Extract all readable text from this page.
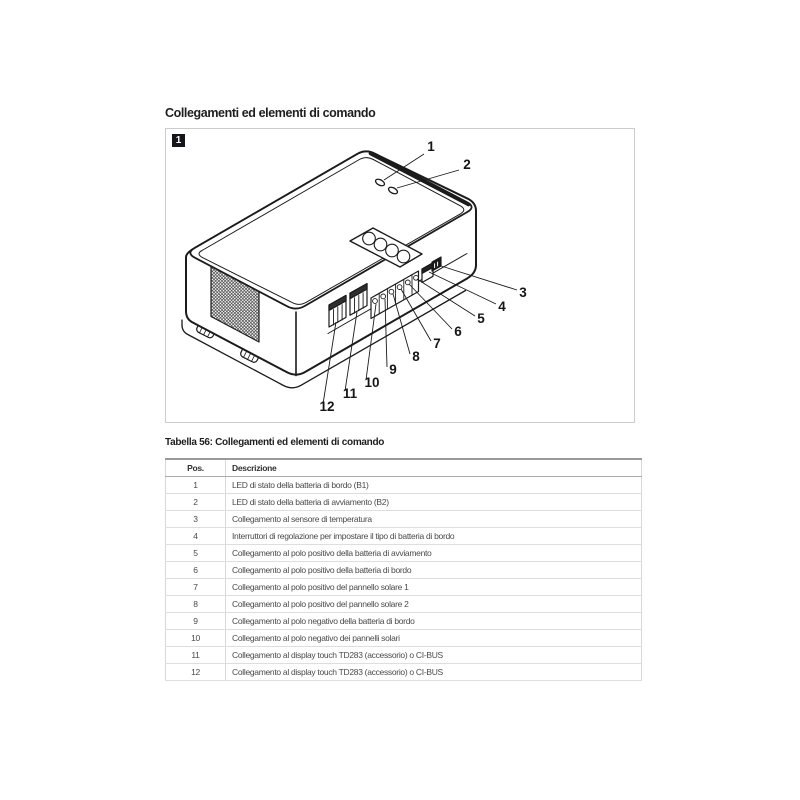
Collegamenti ed elementi di comando
1	1
2
3
4
5
6
7
8
9
10
11
12
Tabella 56: Collegamenti ed elementi di comando
Pos.	Descrizione
1	LED di stato della batteria di bordo (B1)
2	LED di stato della batteria di avviamento (B2)
3	Collegamento al sensore di temperatura
4	Interruttori di regolazione per impostare il tipo di batteria di bordo
5	Collegamento al polo positivo della batteria di avviamento
6	Collegamento al polo positivo della batteria di bordo
7	Collegamento al polo positivo del pannello solare 1
8	Collegamento al polo positivo del pannello solare 2
9	Collegamento al polo negativo della batteria di bordo
10	Collegamento al polo negativo dei pannelli solari
11	Collegamento al display touch TD283 (accessorio) o CI-BUS
12	Collegamento al display touch TD283 (accessorio) o CI-BUS
